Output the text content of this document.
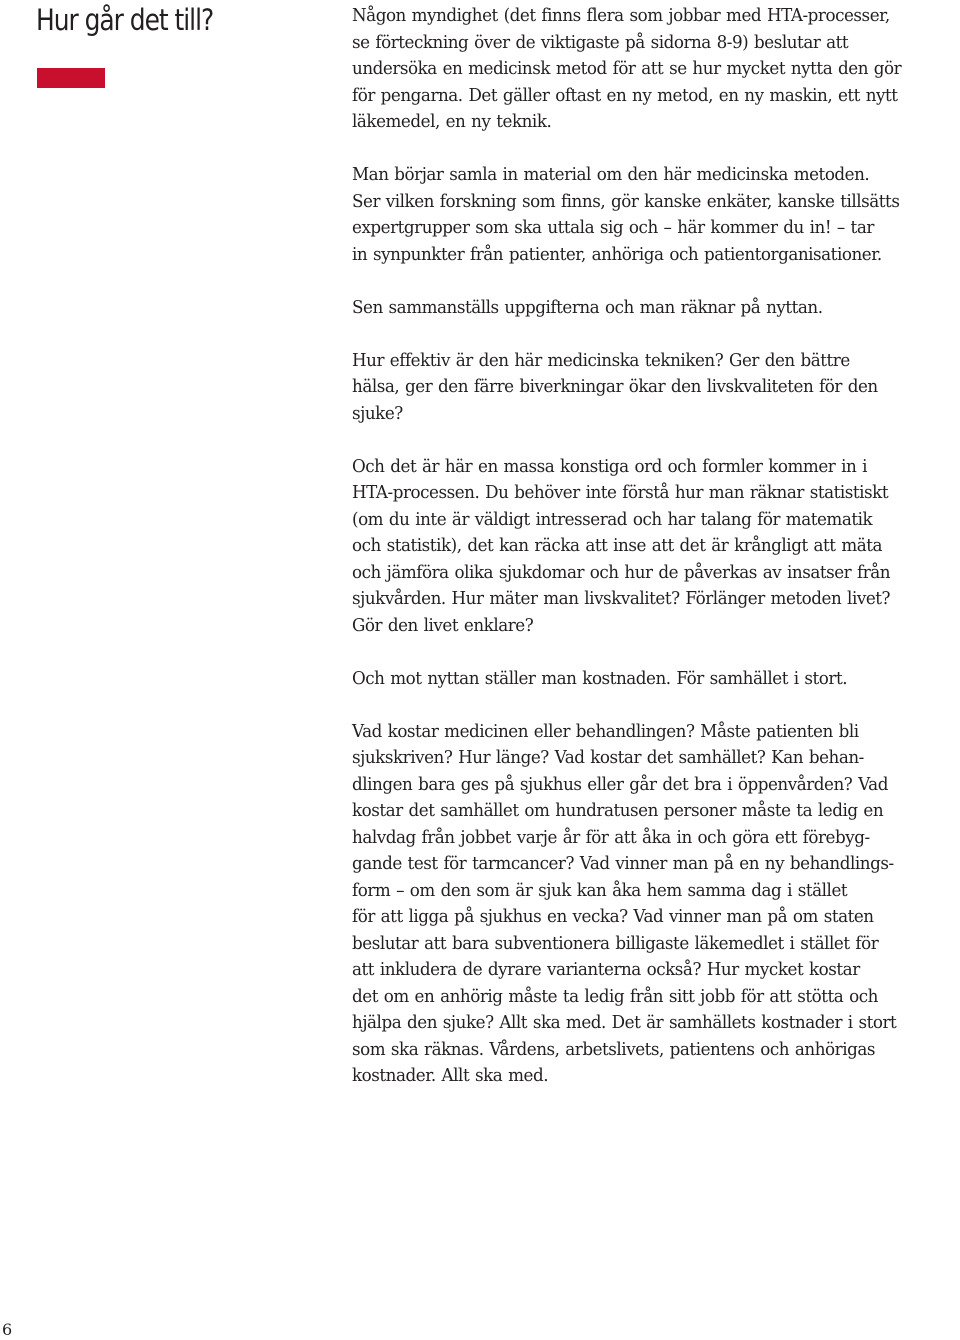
Hur går det till?	Någon myndighet (det finns flera som jobbar med HTA-processer,
se förteckning över de viktigaste på sidorna 8-9) beslutar att
undersöka en medicinsk metod för att se hur mycket nytta den gör
för pengarna. Det gäller oftast en ny metod, en ny maskin, ett nytt
läkemedel, en ny teknik.

Man börjar samla in material om den här medicinska metoden.
Ser vilken forskning som finns, gör kanske enkäter, kanske tillsätts
expertgrupper som ska uttala sig och – här kommer du in! – tar
in synpunkter från patienter, anhöriga och patientorganisationer.

Sen sammanställs uppgifterna och man räknar på nyttan.

Hur effektiv är den här medicinska tekniken? Ger den bättre
hälsa, ger den färre biverkningar ökar den livskvaliteten för den
sjuke?

Och det är här en massa konstiga ord och formler kommer in i
HTA-processen. Du behöver inte förstå hur man räknar statistiskt
(om du inte är väldigt intresserad och har talang för matematik
och statistik), det kan räcka att inse att det är krångligt att mäta
och jämföra olika sjukdomar och hur de påverkas av insatser från
sjukvården. Hur mäter man livskvalitet? Förlänger metoden livet?
Gör den livet enklare?

Och mot nyttan ställer man kostnaden. För samhället i stort.

Vad kostar medicinen eller behandlingen? Måste patienten bli
sjukskriven? Hur länge? Vad kostar det samhället? Kan behan-
dlingen bara ges på sjukhus eller går det bra i öppenvården? Vad
kostar det samhället om hundratusen personer måste ta ledig en
halvdag från jobbet varje år för att åka in och göra ett förebyg-
gande test för tarmcancer? Vad vinner man på en ny behandlings-
form – om den som är sjuk kan åka hem samma dag i stället
för att ligga på sjukhus en vecka? Vad vinner man på om staten
beslutar att bara subventionera billigaste läkemedlet i stället för
att inkludera de dyrare varianterna också? Hur mycket kostar
det om en anhörig måste ta ledig från sitt jobb för att stötta och
hjälpa den sjuke? Allt ska med. Det är samhällets kostnader i stort
som ska räknas. Vårdens, arbetslivets, patientens och anhörigas
kostnader. Allt ska med.

6
